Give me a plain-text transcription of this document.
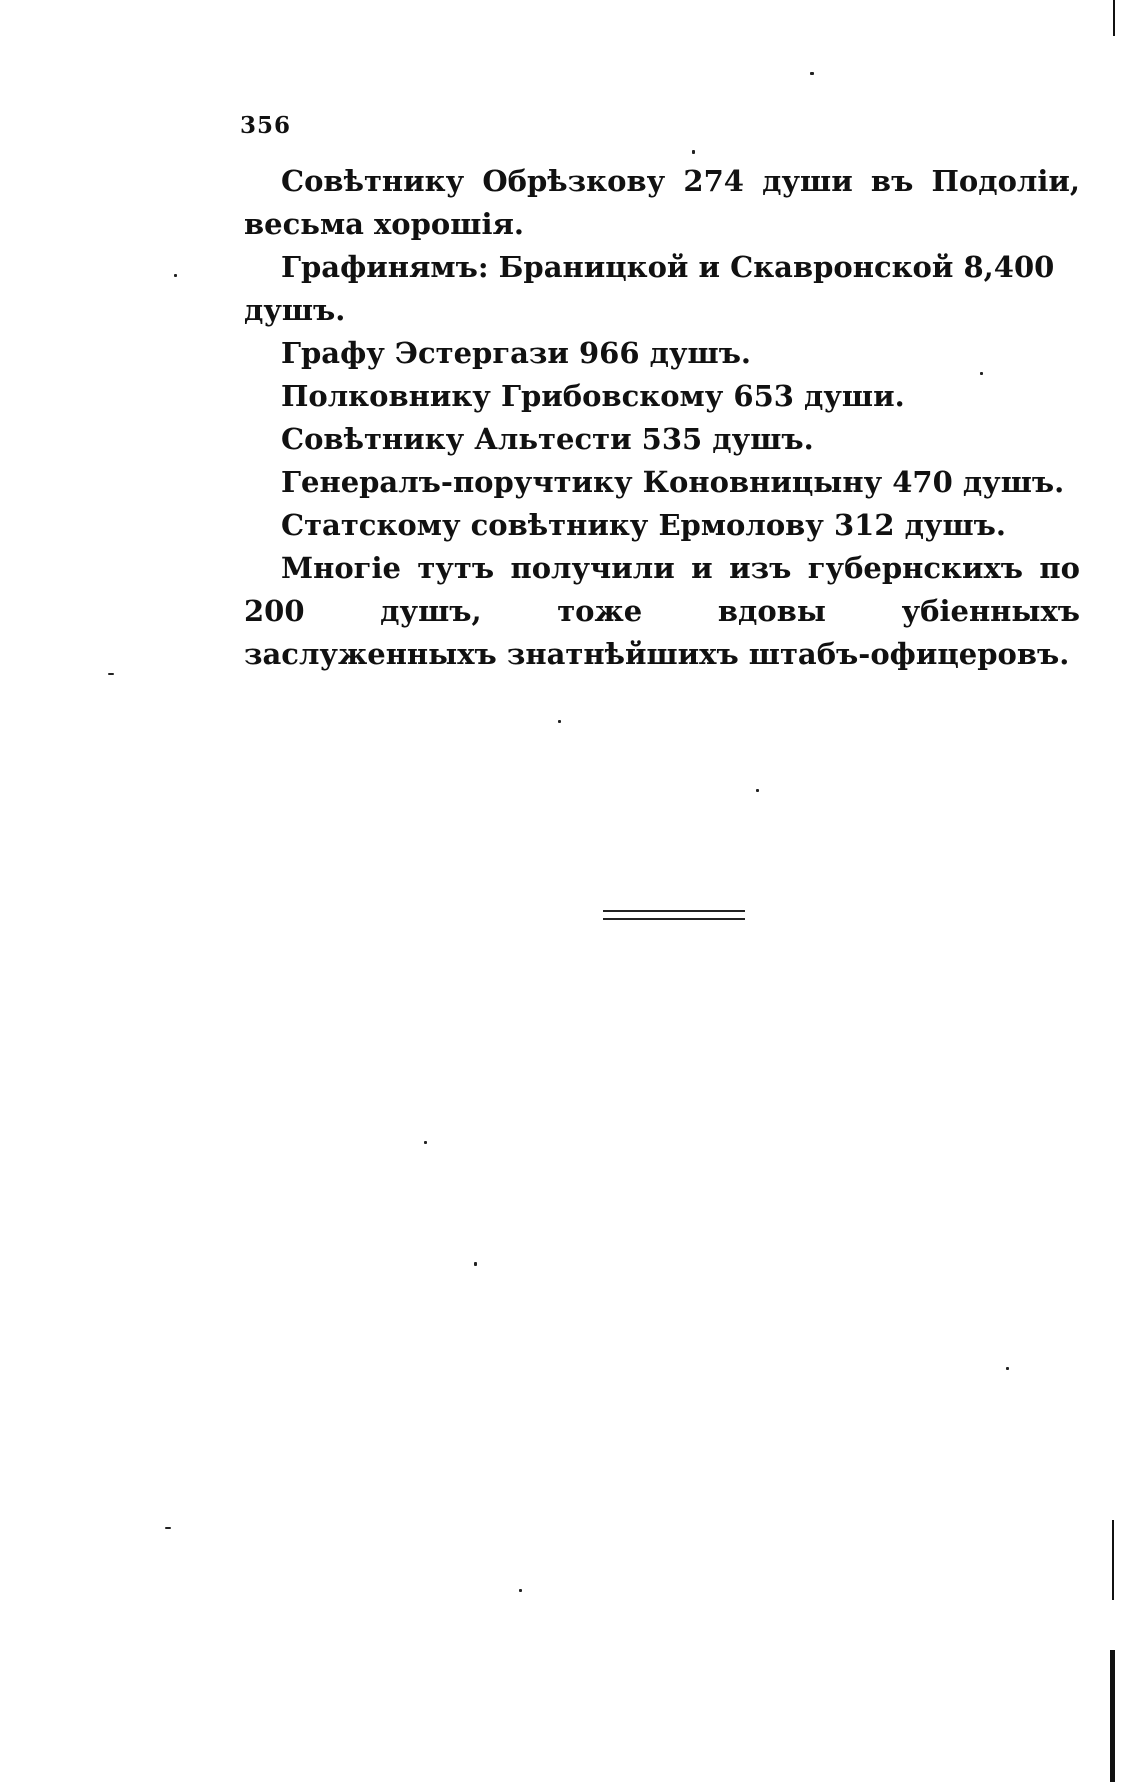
356

Совѣтнику Обрѣзкову 274 души въ Подоліи, весьма хорошія.

Графинямъ: Браницкой и Скавронской 8,400 душъ.

Графу Эстергази 966 душъ.

Полковнику Грибовскому 653 души.

Совѣтнику Альтести 535 душъ.

Генералъ-поручтику Коновницыну 470 душъ.

Статскому совѣтнику Ермолову 312 душъ.

Многіе тутъ получили и изъ губернскихъ по 200 душъ, тоже вдовы убіенныхъ заслуженныхъ знатнѣйшихъ штабъ-офицеровъ.
